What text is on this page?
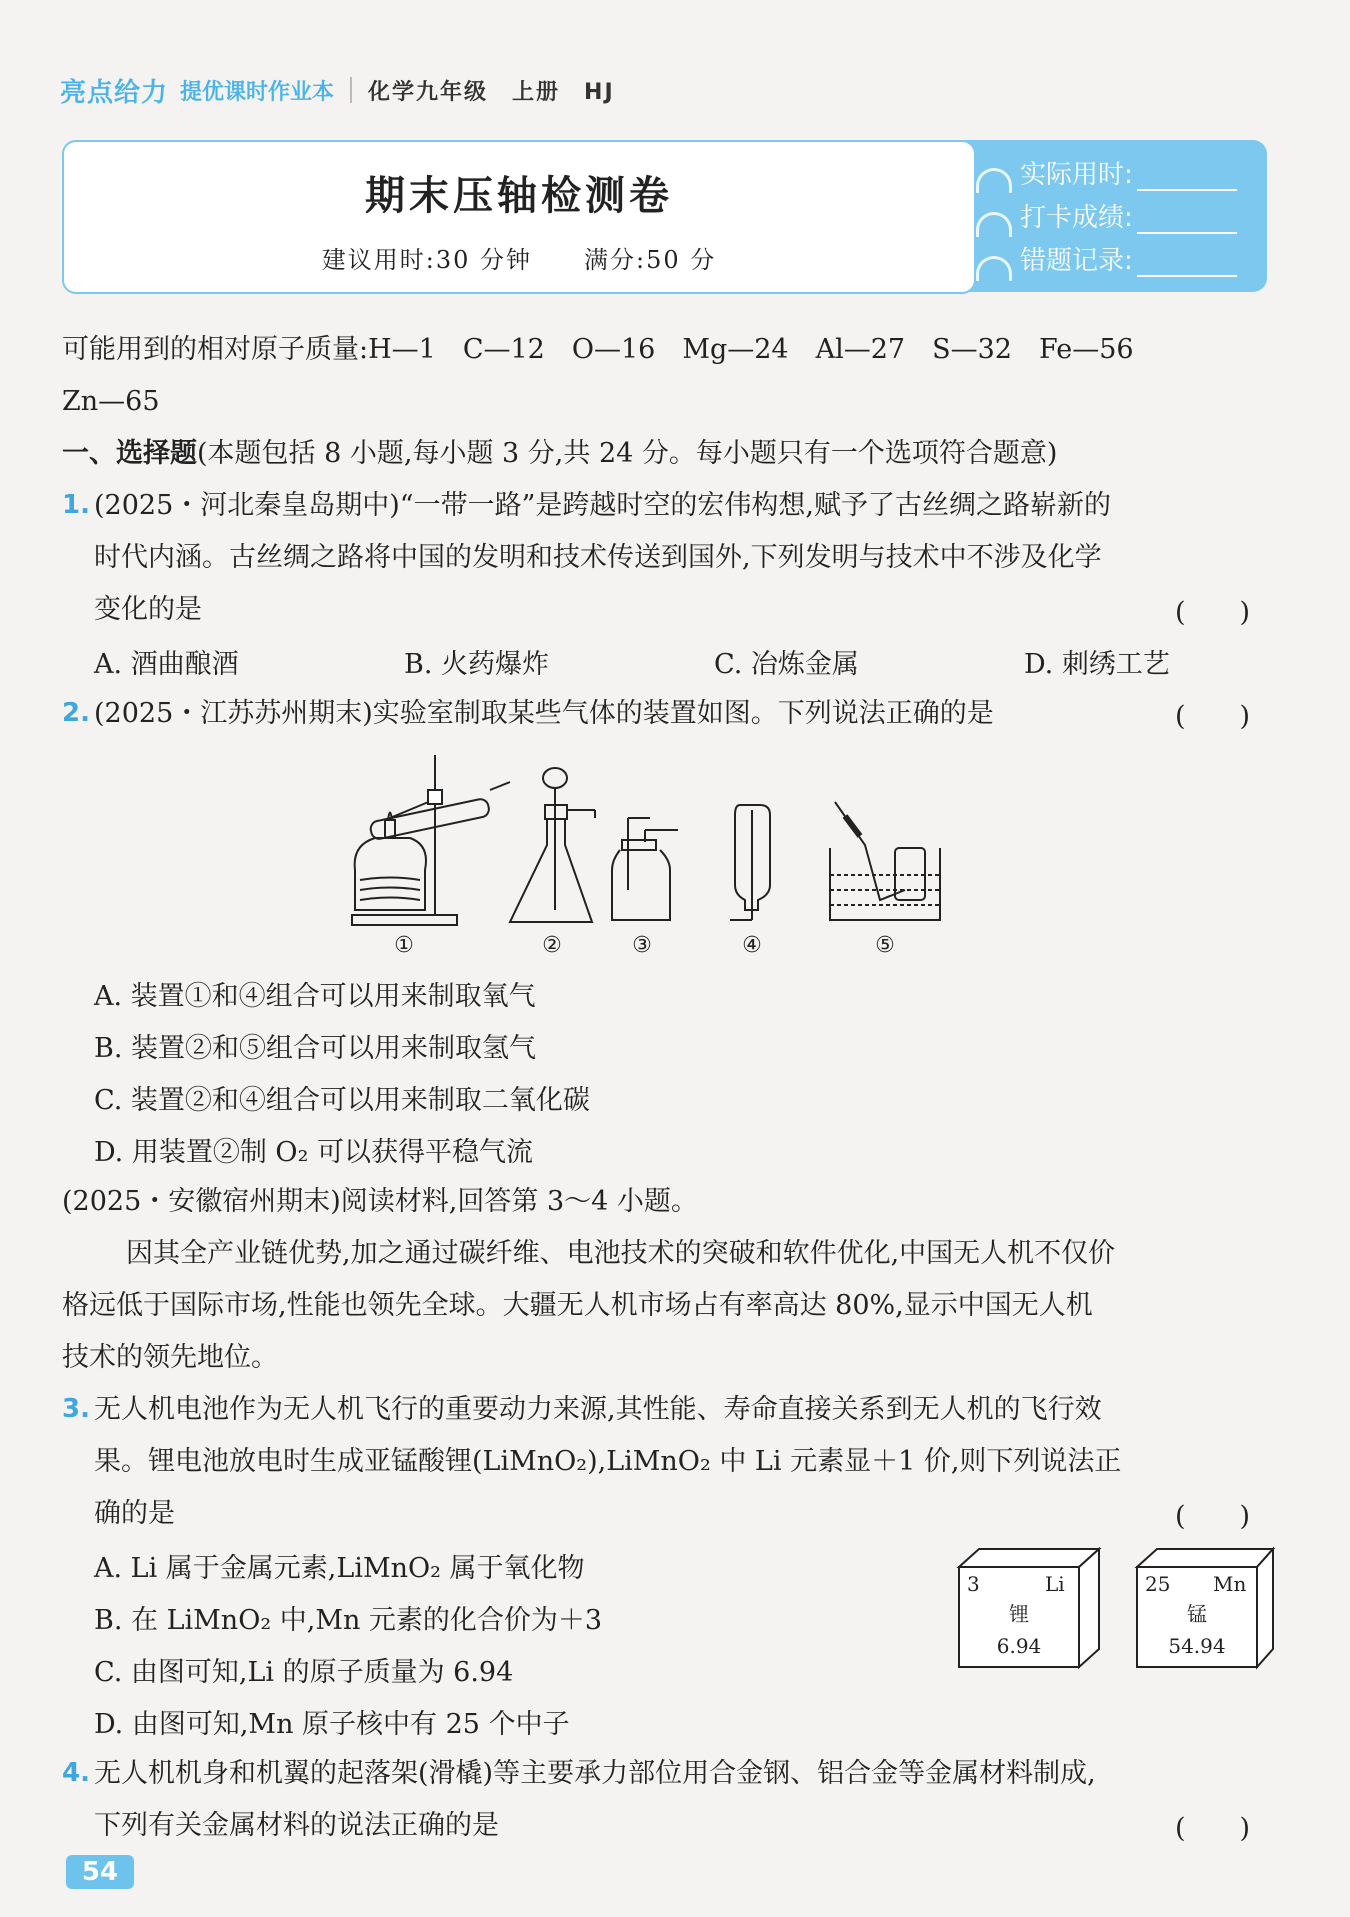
亮点给力 提优课时作业本 化学九年级　上册　HJ
实际用时:
打卡成绩:
错题记录:
期末压轴检测卷
建议用时:30 分钟　　满分:50 分
可能用到的相对原子质量:H—1　C—12　O—16　Mg—24　Al—27　S—32　Fe—56
Zn—65
一、选择题(本题包括 8 小题,每小题 3 分,共 24 分。每小题只有一个选项符合题意)
1. (2025・河北秦皇岛期中)“一带一路”是跨越时空的宏伟构想,赋予了古丝绸之路崭新的
时代内涵。古丝绸之路将中国的发明和技术传送到国外,下列发明与技术中不涉及化学
变化的是	(　　)
A. 酒曲酿酒	B. 火药爆炸	C. 冶炼金属	D. 刺绣工艺
2. (2025・江苏苏州期末)实验室制取某些气体的装置如图。下列说法正确的是	(　　)
①	②	③	④	⑤
A. 装置①和④组合可以用来制取氧气
B. 装置②和⑤组合可以用来制取氢气
C. 装置②和④组合可以用来制取二氧化碳
D. 用装置②制 O₂ 可以获得平稳气流
(2025・安徽宿州期末)阅读材料,回答第 3～4 小题。
因其全产业链优势,加之通过碳纤维、电池技术的突破和软件优化,中国无人机不仅价
格远低于国际市场,性能也领先全球。大疆无人机市场占有率高达 80%,显示中国无人机
技术的领先地位。
3. 无人机电池作为无人机飞行的重要动力来源,其性能、寿命直接关系到无人机的飞行效
果。锂电池放电时生成亚锰酸锂(LiMnO₂),LiMnO₂ 中 Li 元素显＋1 价,则下列说法正
确的是	(　　)
A. Li 属于金属元素,LiMnO₂ 属于氧化物
B. 在 LiMnO₂ 中,Mn 元素的化合价为＋3
C. 由图可知,Li 的原子质量为 6.94
D. 由图可知,Mn 原子核中有 25 个中子
3	Li
锂
6.94
25 Mn
锰
54.94
4. 无人机机身和机翼的起落架(滑橇)等主要承力部位用合金钢、铝合金等金属材料制成,
下列有关金属材料的说法正确的是	(　　)
54
